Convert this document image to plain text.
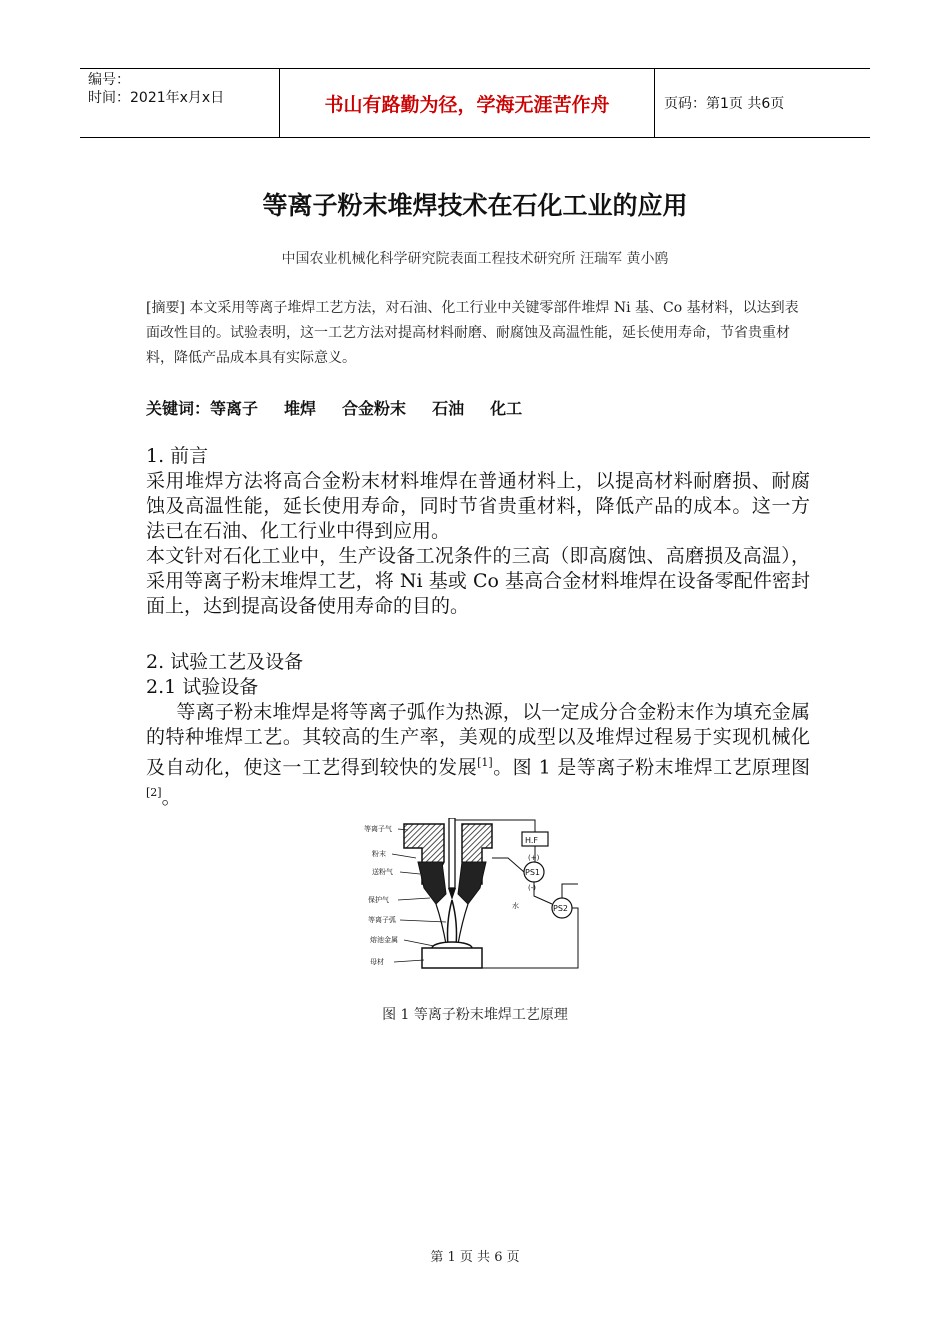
编号：
时间：2021年x月x日	书山有路勤为径，学海无涯苦作舟	页码：第1页 共6页
等离子粉末堆焊技术在石化工业的应用
中国农业机械化科学研究院表面工程技术研究所 汪瑞军 黄小鸥
[摘要] 本文采用等离子堆焊工艺方法，对石油、化工行业中关键零部件堆焊 Ni 基、Co 基材料，以达到表面改性目的。试验表明，这一工艺方法对提高材料耐磨、耐腐蚀及高温性能，延长使用寿命，节省贵重材料，降低产品成本具有实际意义。
关键词：等离子 堆焊 合金粉末 石油 化工
1. 前言

采用堆焊方法将高合金粉末材料堆焊在普通材料上，以提高材料耐磨损、耐腐蚀及高温性能，延长使用寿命，同时节省贵重材料，降低产品的成本。这一方法已在石油、化工行业中得到应用。

本文针对石化工业中，生产设备工况条件的三高（即高腐蚀、高磨损及高温），采用等离子粉末堆焊工艺，将 Ni 基或 Co 基高合金材料堆焊在设备零配件密封面上，达到提高设备使用寿命的目的。

2. 试验工艺及设备
2.1 试验设备

等离子粉末堆焊是将等离子弧作为热源，以一定成分合金粉末作为填充金属的特种堆焊工艺。其较高的生产率，美观的成型以及堆焊过程易于实现机械化及自动化，使这一工艺得到较快的发展[1]。图 1 是等离子粉末堆焊工艺原理图[2]。

等离子气
粉末
送粉气
保护气
等离子弧
熔池金属
母材
H.F
PS1
PS2
(+)
(-)
水
图 1 等离子粉末堆焊工艺原理
第 1 页 共 6 页
